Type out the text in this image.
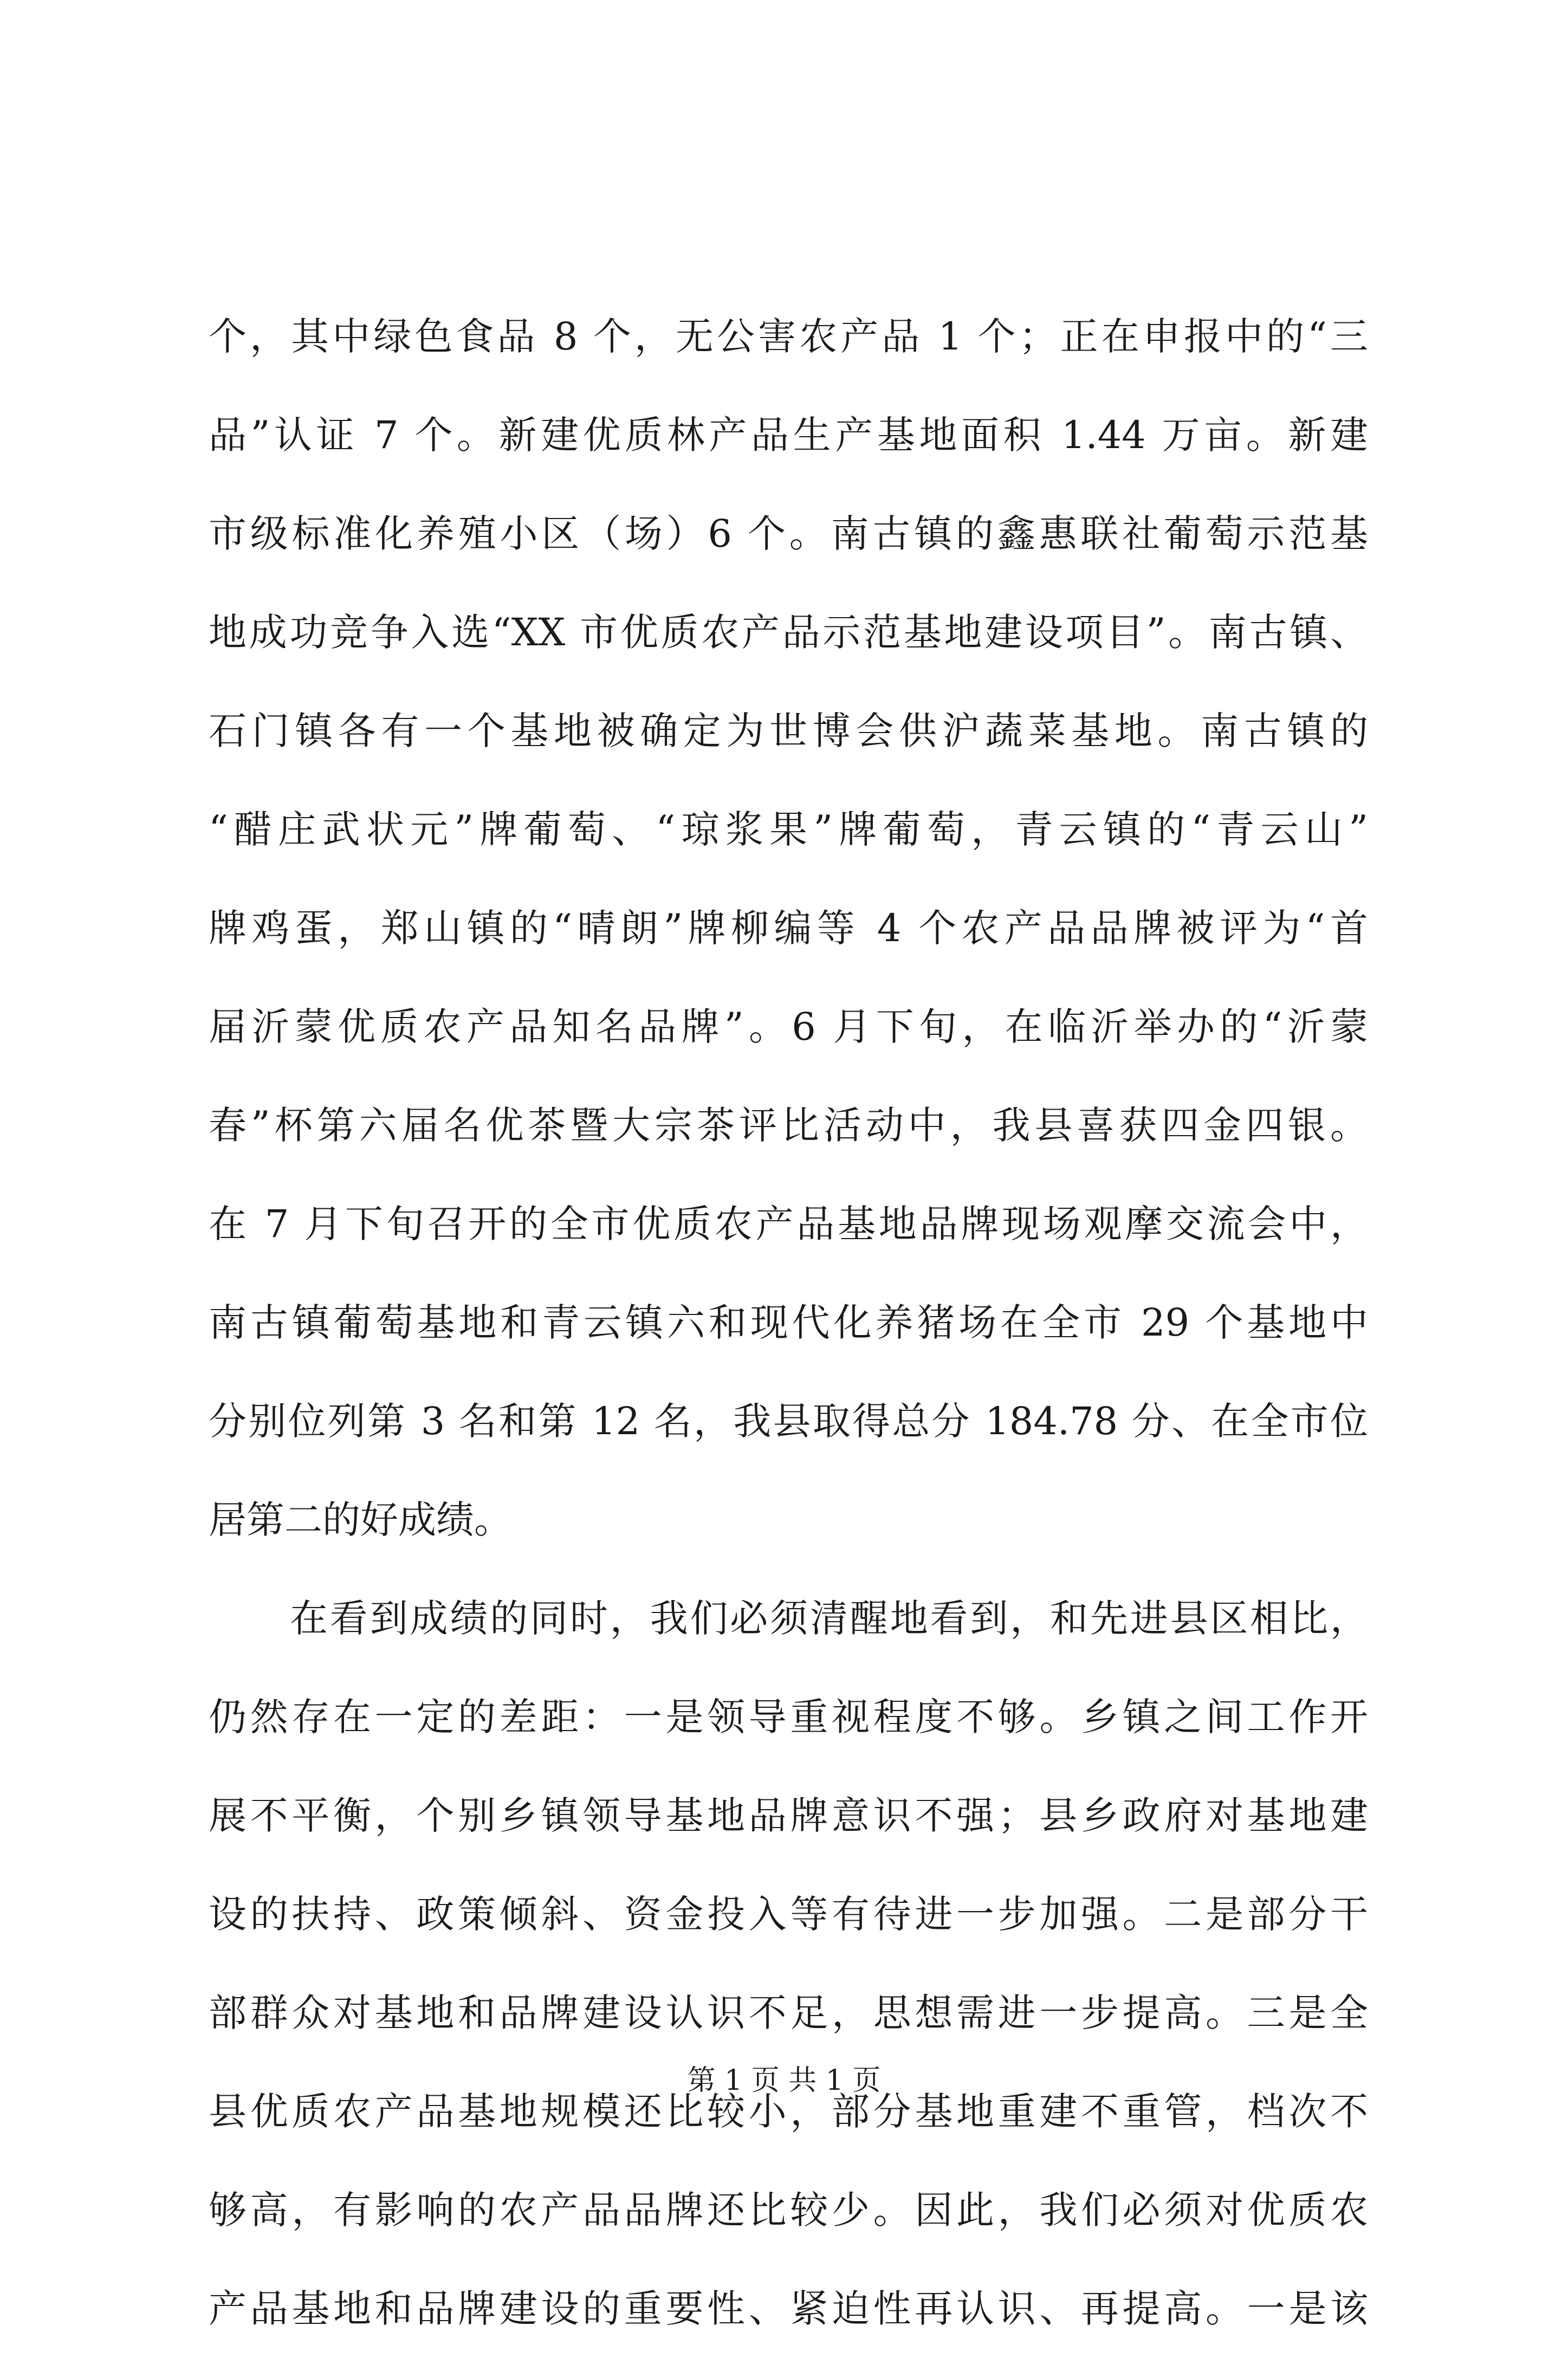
个，其中绿色食品 8 个，无公害农产品 1 个；正在申报中的“三
品”认证 7 个。新建优质林产品生产基地面积 1.44 万亩。新建
市级标准化养殖小区（场）6 个。南古镇的鑫惠联社葡萄示范基
地成功竞争入选“XX 市优质农产品示范基地建设项目”。南古镇、
石门镇各有一个基地被确定为世博会供沪蔬菜基地。南古镇的
“醋庄武状元”牌葡萄、“琼浆果”牌葡萄，青云镇的“青云山”
牌鸡蛋，郑山镇的“晴朗”牌柳编等 4 个农产品品牌被评为“首
届沂蒙优质农产品知名品牌”。6 月下旬，在临沂举办的“沂蒙
春”杯第六届名优茶暨大宗茶评比活动中，我县喜获四金四银。
在 7 月下旬召开的全市优质农产品基地品牌现场观摩交流会中，
南古镇葡萄基地和青云镇六和现代化养猪场在全市 29 个基地中
分别位列第 3 名和第 12 名，我县取得总分 184.78 分、在全市位
居第二的好成绩。
在看到成绩的同时，我们必须清醒地看到，和先进县区相比，
仍然存在一定的差距：一是领导重视程度不够。乡镇之间工作开
展不平衡，个别乡镇领导基地品牌意识不强；县乡政府对基地建
设的扶持、政策倾斜、资金投入等有待进一步加强。二是部分干
部群众对基地和品牌建设认识不足，思想需进一步提高。三是全
县优质农产品基地规模还比较小，部分基地重建不重管，档次不
够高，有影响的农产品品牌还比较少。因此，我们必须对优质农
产品基地和品牌建设的重要性、紧迫性再认识、再提高。一是该
第 1 页 共 1 页
